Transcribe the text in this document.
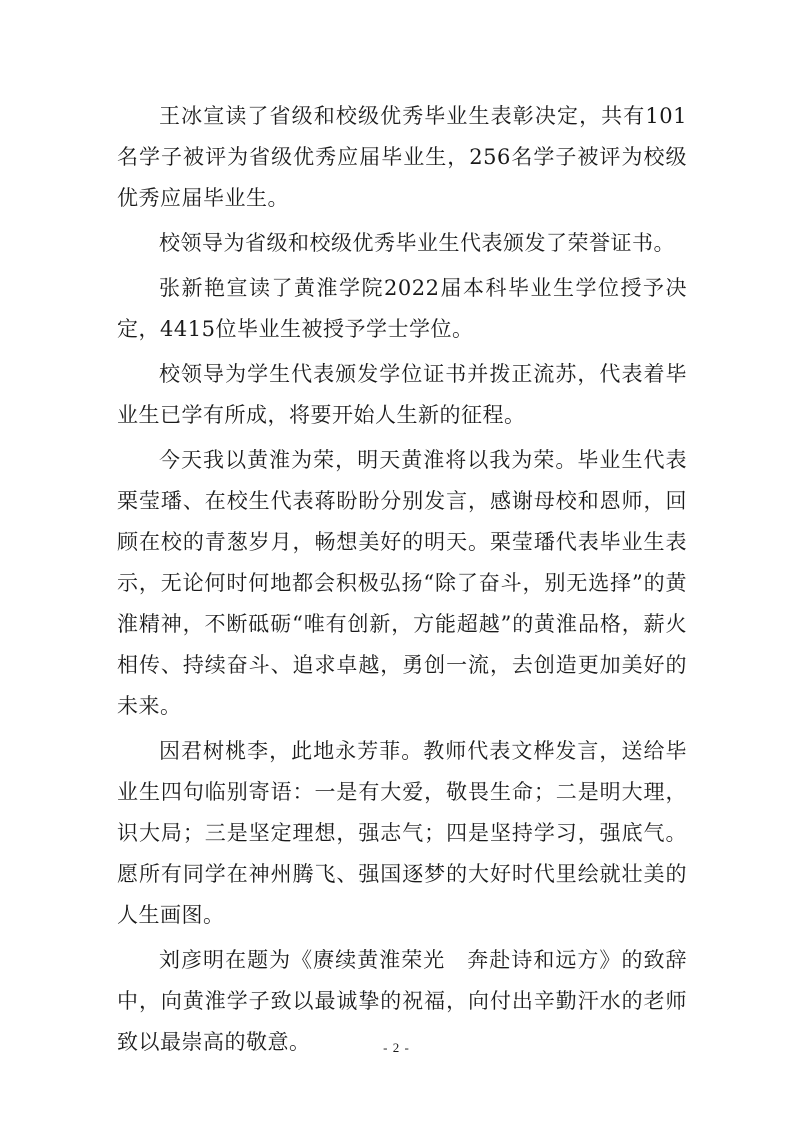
王冰宣读了省级和校级优秀毕业生表彰决定，共有101名学子被评为省级优秀应届毕业生，256名学子被评为校级优秀应届毕业生。

校领导为省级和校级优秀毕业生代表颁发了荣誉证书。

张新艳宣读了黄淮学院2022届本科毕业生学位授予决定，4415位毕业生被授予学士学位。

校领导为学生代表颁发学位证书并拨正流苏，代表着毕业生已学有所成，将要开始人生新的征程。

今天我以黄淮为荣，明天黄淮将以我为荣。毕业生代表栗莹璠、在校生代表蒋盼盼分别发言，感谢母校和恩师，回顾在校的青葱岁月，畅想美好的明天。栗莹璠代表毕业生表示，无论何时何地都会积极弘扬“除了奋斗，别无选择”的黄淮精神，不断砥砺“唯有创新，方能超越”的黄淮品格，薪火相传、持续奋斗、追求卓越，勇创一流，去创造更加美好的未来。

因君树桃李，此地永芳菲。教师代表文桦发言，送给毕业生四句临别寄语：一是有大爱，敬畏生命；二是明大理，识大局；三是坚定理想，强志气；四是坚持学习，强底气。愿所有同学在神州腾飞、强国逐梦的大好时代里绘就壮美的人生画图。

刘彦明在题为《赓续黄淮荣光　奔赴诗和远方》的致辞中，向黄淮学子致以最诚挚的祝福，向付出辛勤汗水的老师致以最崇高的敬意。	- 2 -
